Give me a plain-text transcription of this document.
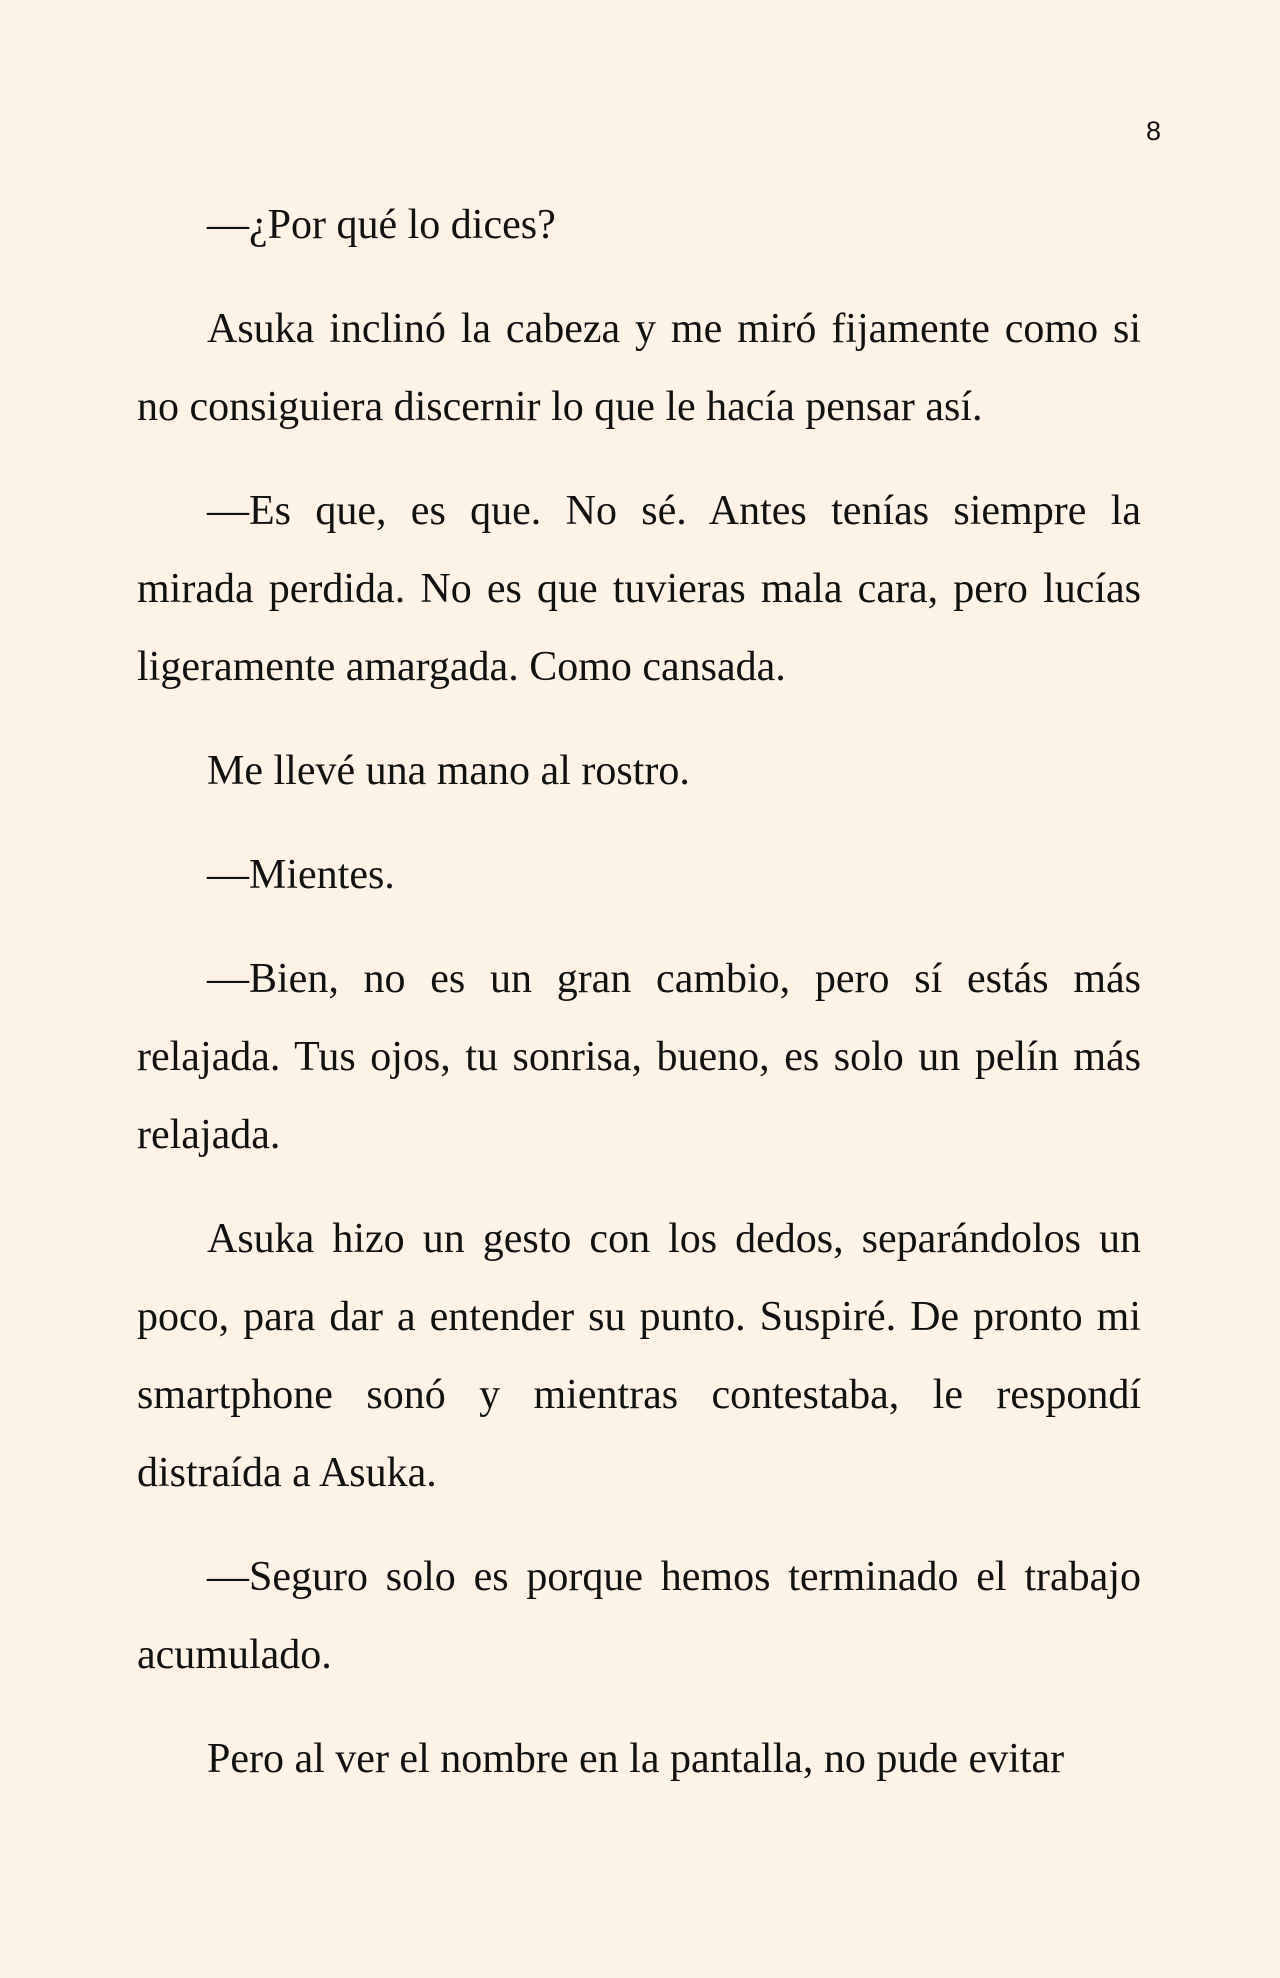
8

—¿Por qué lo dices?

Asuka inclinó la cabeza y me miró fijamente como si no consiguiera discernir lo que le hacía pensar así.

—Es que, es que. No sé. Antes tenías siempre la mirada perdida. No es que tuvieras mala cara, pero lucías ligeramente amargada. Como cansada.

Me llevé una mano al rostro.

—Mientes.

—Bien, no es un gran cambio, pero sí estás más relajada. Tus ojos, tu sonrisa, bueno, es solo un pelín más relajada.

Asuka hizo un gesto con los dedos, separándolos un poco, para dar a entender su punto. Suspiré. De pronto mi smartphone sonó y mientras contestaba, le respondí distraída a Asuka.

—Seguro solo es porque hemos terminado el trabajo acumulado.

Pero al ver el nombre en la pantalla, no pude evitar
